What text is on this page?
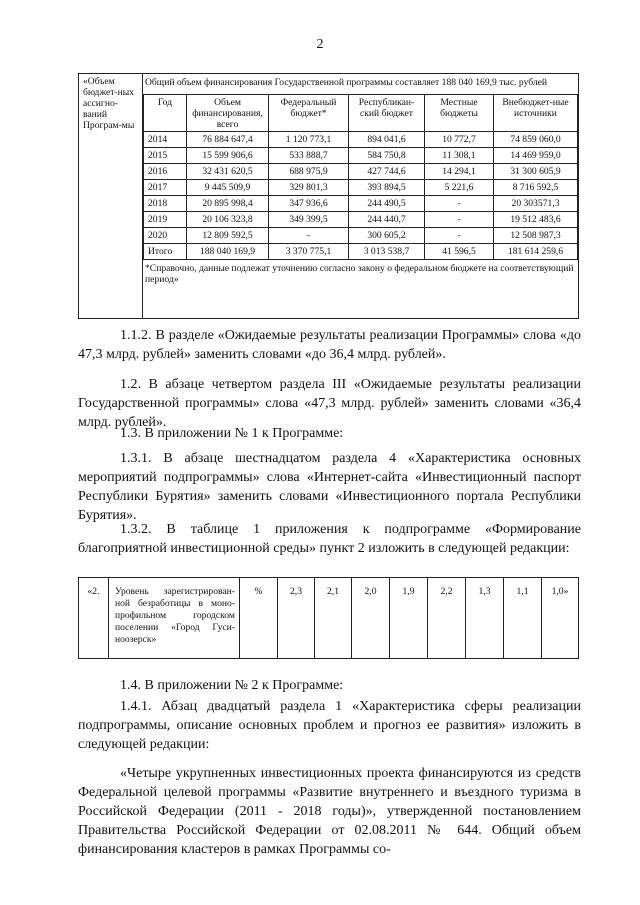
2
«Объем бюджет-ных ассигно-ваний Програм-мы	
Общий объем финансирования Государственной программы составляет 188 040 169,9 тыс. рублей
Год	Объем финансирования, всего	Федеральный бюджет*	Республикан-ский бюджет	Местные бюджеты	Внебюджет-ные источники
2014	76 884 647,4	1 120 773,1	894 041,6	10 772,7	74 859 060,0
2015	15 599 906,6	533 888,7	584 750,8	11 308,1	14 469 959,0
2016	32 431 620,5	688 975,9	427 744,6	14 294,1	31 300 605,9
2017	9 445 509,9	329 801,3	393 894,5	5 221,6	8 716 592,5
2018	20 895 998,4	347 936,6	244 490,5	-	20 303571,3
2019	20 106 323,8	349 399,5	244 440,7	-	19 512 483,6
2020	12 809 592,5	-	300 605,2	-	12 508 987,3
Итого	188 040 169,9	3 370 775,1	3 013 538,7	41 596,5	181 614 259,6
*Справочно, данные подлежат уточнению согласно закону о федеральном бюджете на соответствующий период»
1.1.2. В разделе «Ожидаемые результаты реализации Программы» слова «до 47,3 млрд. рублей» заменить словами «до 36,4 млрд. рублей».
1.2. В абзаце четвертом раздела III «Ожидаемые результаты реализации Государственной программы» слова «47,3 млрд. рублей» заменить словами «36,4 млрд. рублей».
1.3. В приложении № 1 к Программе:
1.3.1. В абзаце шестнадцатом раздела 4 «Характеристика основных мероприятий подпрограммы» слова «Интернет-сайта «Инвестиционный паспорт Республики Бурятия» заменить словами «Инвестиционного портала Республики Бурятия».
1.3.2. В таблице 1 приложения к подпрограмме «Формирование благоприятной инвестиционной среды» пункт 2 изложить в следующей редакции:
«2.	Уровень зарегистрирован-ной безработицы в моно-профильном городском поселении «Город Гуси-ноозерск»	%	2,3	2,1	2,0	1,9	2,2	1,3	1,1	1,0»
1.4. В приложении № 2 к Программе:
1.4.1. Абзац двадцатый раздела 1 «Характеристика сферы реализации подпрограммы, описание основных проблем и прогноз ее развития» изложить в следующей редакции:
«Четыре укрупненных инвестиционных проекта финансируются из средств Федеральной целевой программы «Развитие внутреннего и въездного туризма в Российской Федерации (2011 - 2018 годы)», утвержденной постановлением Правительства Российской Федерации от 02.08.2011 № 644. Общий объем финансирования кластеров в рамках Программы со-
